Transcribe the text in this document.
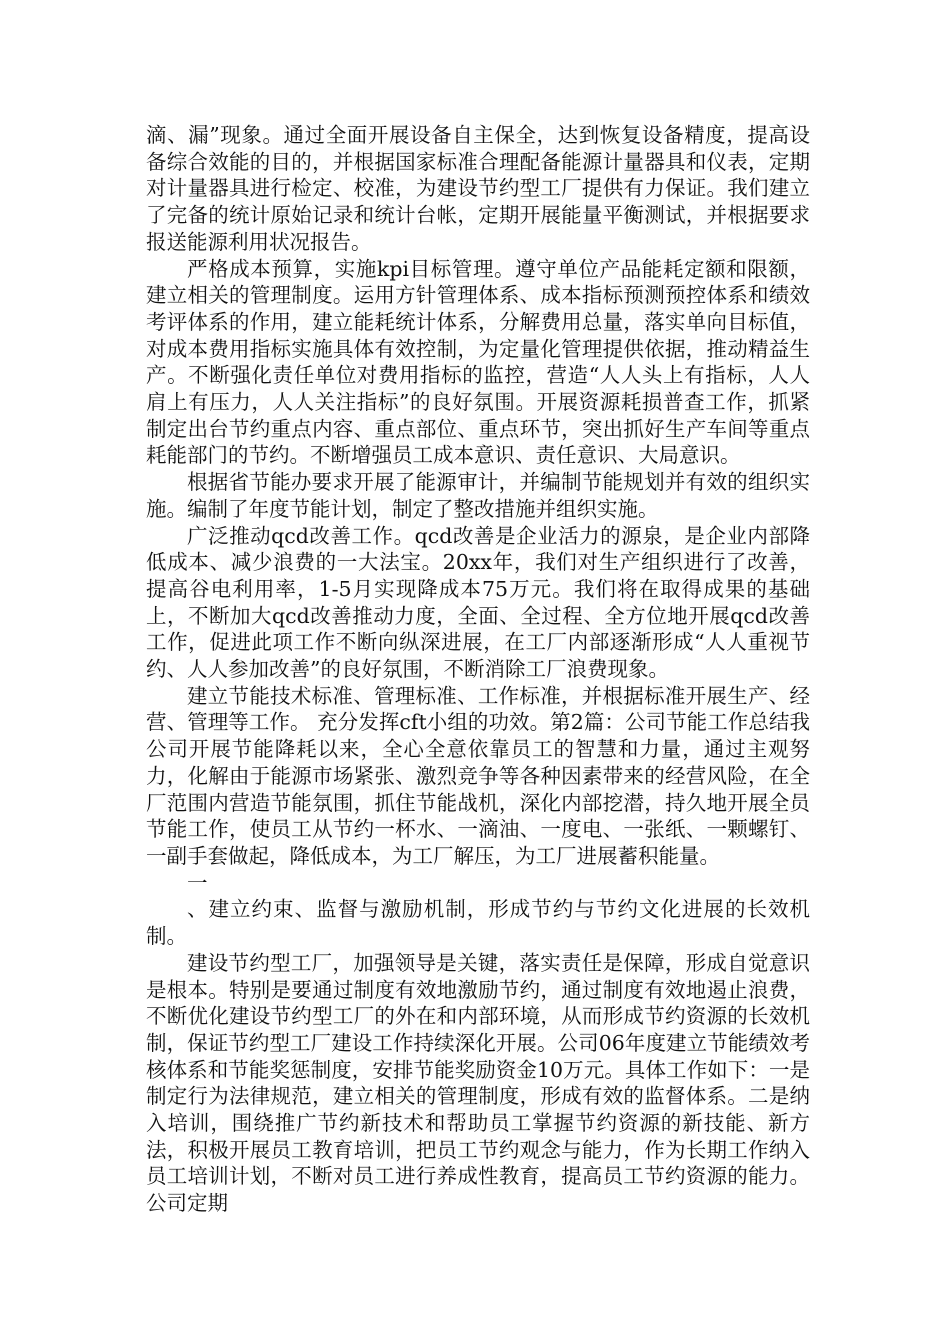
滴、漏”现象。通过全面开展设备自主保全，达到恢复设备精度，提高设备综合效能的目的，并根据国家标准合理配备能源计量器具和仪表，定期对计量器具进行检定、校准，为建设节约型工厂提供有力保证。我们建立了完备的统计原始记录和统计台帐，定期开展能量平衡测试，并根据要求报送能源利用状况报告。

严格成本预算，实施kpi目标管理。遵守单位产品能耗定额和限额，建立相关的管理制度。运用方针管理体系、成本指标预测预控体系和绩效考评体系的作用，建立能耗统计体系，分解费用总量，落实单向目标值，对成本费用指标实施具体有效控制，为定量化管理提供依据，推动精益生产。不断强化责任单位对费用指标的监控，营造“人人头上有指标，人人肩上有压力，人人关注指标”的良好氛围。开展资源耗损普查工作，抓紧制定出台节约重点内容、重点部位、重点环节，突出抓好生产车间等重点耗能部门的节约。不断增强员工成本意识、责任意识、大局意识。

根据省节能办要求开展了能源审计，并编制节能规划并有效的组织实施。编制了年度节能计划，制定了整改措施并组织实施。

广泛推动qcd改善工作。qcd改善是企业活力的源泉，是企业内部降低成本、减少浪费的一大法宝。20xx年，我们对生产组织进行了改善，提高谷电利用率，1-5月实现降成本75万元。我们将在取得成果的基础上，不断加大qcd改善推动力度，全面、全过程、全方位地开展qcd改善工作，促进此项工作不断向纵深进展，在工厂内部逐渐形成“人人重视节约、人人参加改善”的良好氛围，不断消除工厂浪费现象。

建立节能技术标准、管理标准、工作标准，并根据标准开展生产、经营、管理等工作。 充分发挥cft小组的功效。第2篇：公司节能工作总结我公司开展节能降耗以来，全心全意依靠员工的智慧和力量，通过主观努力，化解由于能源市场紧张、激烈竞争等各种因素带来的经营风险，在全厂范围内营造节能氛围，抓住节能战机，深化内部挖潜，持久地开展全员节能工作，使员工从节约一杯水、一滴油、一度电、一张纸、一颗螺钉、一副手套做起，降低成本，为工厂解压，为工厂进展蓄积能量。

一

、建立约束、监督与激励机制，形成节约与节约文化进展的长效机制。

建设节约型工厂，加强领导是关键，落实责任是保障，形成自觉意识是根本。特别是要通过制度有效地激励节约，通过制度有效地遏止浪费，不断优化建设节约型工厂的外在和内部环境，从而形成节约资源的长效机制，保证节约型工厂建设工作持续深化开展。公司06年度建立节能绩效考核体系和节能奖惩制度，安排节能奖励资金10万元。具体工作如下：一是制定行为法律规范，建立相关的管理制度，形成有效的监督体系。二是纳入培训，围绕推广节约新技术和帮助员工掌握节约资源的新技能、新方法，积极开展员工教育培训，把员工节约观念与能力，作为长期工作纳入员工培训计划，不断对员工进行养成性教育，提高员工节约资源的能力。公司定期
